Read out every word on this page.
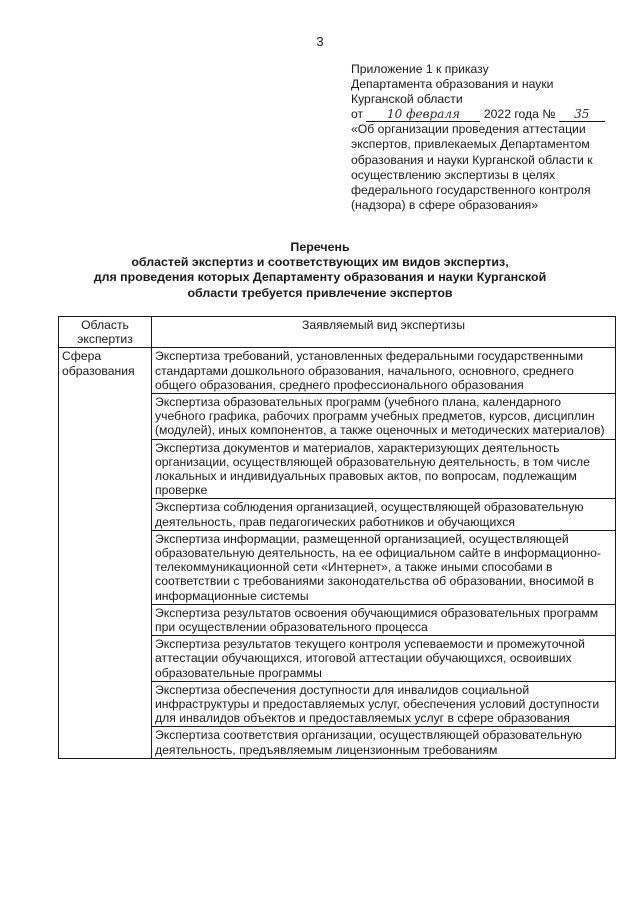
3
Приложение 1 к приказу
Департамента образования и науки
Курганской области
от 10 февраля 2022 года № 35
«Об организации проведения аттестации
экспертов, привлекаемых Департаментом
образования и науки Курганской области к
осуществлению экспертизы в целях
федерального государственного контроля
(надзора) в сфере образования»
Перечень
областей экспертиз и соответствующих им видов экспертиз,
для проведения которых Департаменту образования и науки Курганской
области требуется привлечение экспертов
Область экспертиз	Заявляемый вид экспертизы
Сфера образования	Экспертиза требований, установленных федеральными государственными стандартами дошкольного образования, начального, основного, среднего общего образования, среднего профессионального образования
	Экспертиза образовательных программ (учебного плана, календарного учебного графика, рабочих программ учебных предметов, курсов, дисциплин (модулей), иных компонентов, а также оценочных и методических материалов)
	Экспертиза документов и материалов, характеризующих деятельность организации, осуществляющей образовательную деятельность, в том числе локальных и индивидуальных правовых актов, по вопросам, подлежащим проверке
	Экспертиза соблюдения организацией, осуществляющей образовательную деятельность, прав педагогических работников и обучающихся
	Экспертиза информации, размещенной организацией, осуществляющей образовательную деятельность, на ее официальном сайте в информационно-телекоммуникационной сети «Интернет», а также иными способами в соответствии с требованиями законодательства об образовании, вносимой в информационные системы
	Экспертиза результатов освоения обучающимися образовательных программ при осуществлении образовательного процесса
	Экспертиза результатов текущего контроля успеваемости и промежуточной аттестации обучающихся, итоговой аттестации обучающихся, освоивших образовательные программы
	Экспертиза обеспечения доступности для инвалидов социальной инфраструктуры и предоставляемых услуг, обеспечения условий доступности для инвалидов объектов и предоставляемых услуг в сфере образования
	Экспертиза соответствия организации, осуществляющей образовательную деятельность, предъявляемым лицензионным требованиям
